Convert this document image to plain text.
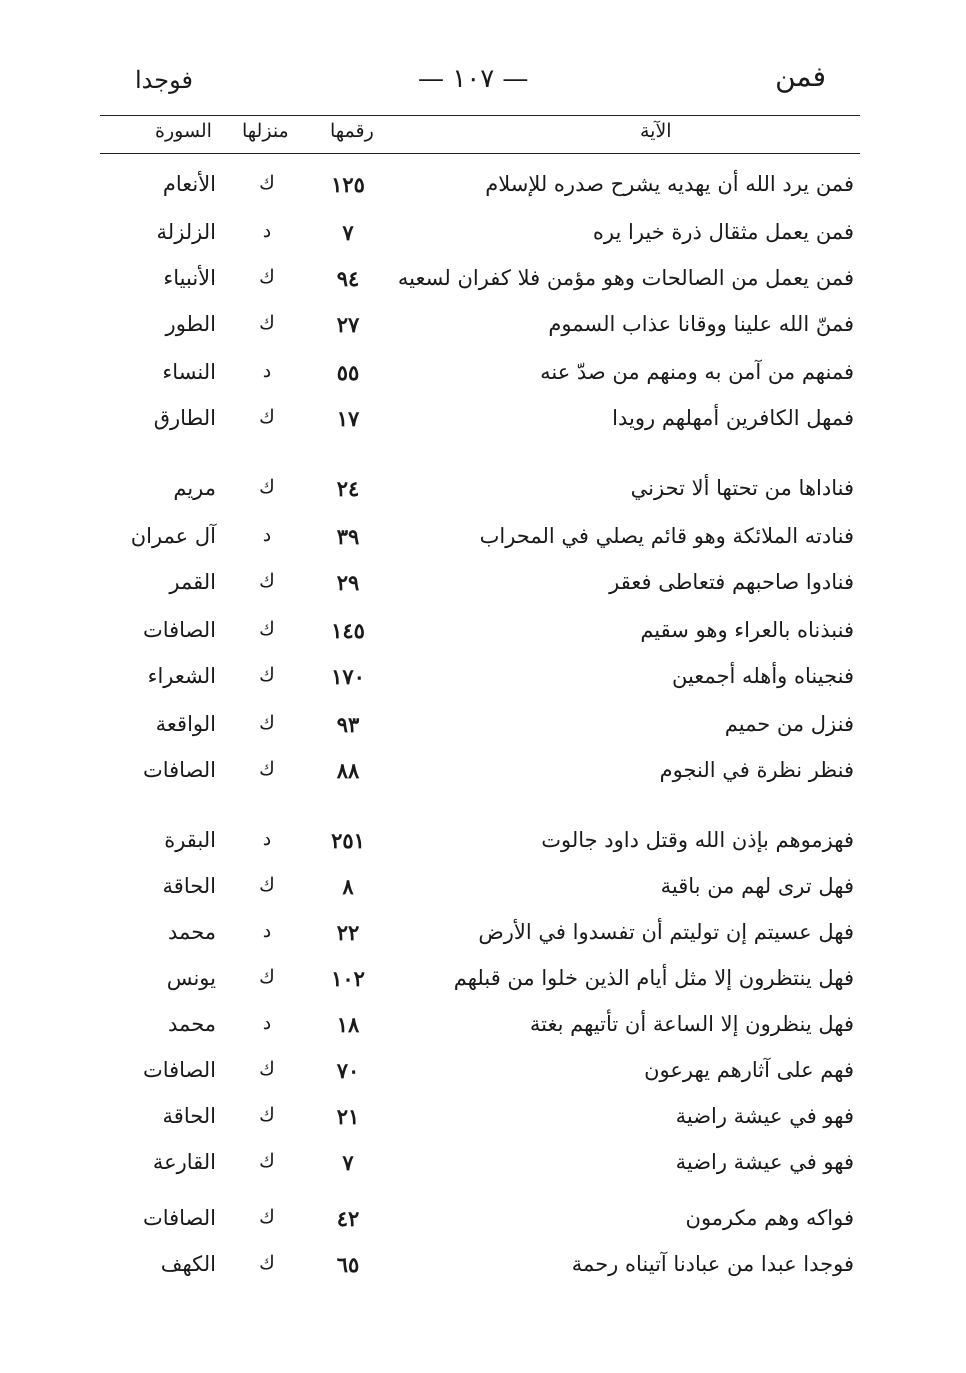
فمن
— ١٠٧ —
فوجدا
الآية
رقمها
منزلها
السورة
فمن يرد الله أن يهديه يشرح صدره للإسلام
١٢٥
ك
الأنعام
فمن يعمل مثقال ذرة خيرا يره
٧
د
الزلزلة
فمن يعمل من الصالحات وهو مؤمن فلا كفران لسعيه
٩٤
ك
الأنبياء
فمنّ الله علينا ووقانا عذاب السموم
٢٧
ك
الطور
فمنهم من آمن به ومنهم من صدّ عنه
٥٥
د
النساء
فمهل الكافرين أمهلهم رويدا
١٧
ك
الطارق
فناداها من تحتها ألا تحزني
٢٤
ك
مريم
فنادته الملائكة وهو قائم يصلي في المحراب
٣٩
د
آل عمران
فنادوا صاحبهم فتعاطى فعقر
٢٩
ك
القمر
فنبذناه بالعراء وهو سقيم
١٤٥
ك
الصافات
فنجيناه وأهله أجمعين
١٧٠
ك
الشعراء
فنزل من حميم
٩٣
ك
الواقعة
فنظر نظرة في النجوم
٨٨
ك
الصافات
فهزموهم بإذن الله وقتل داود جالوت
٢٥١
د
البقرة
فهل ترى لهم من باقية
٨
ك
الحاقة
فهل عسيتم إن توليتم أن تفسدوا في الأرض
٢٢
د
محمد
فهل ينتظرون إلا مثل أيام الذين خلوا من قبلهم
١٠٢
ك
يونس
فهل ينظرون إلا الساعة أن تأتيهم بغتة
١٨
د
محمد
فهم على آثارهم يهرعون
٧٠
ك
الصافات
فهو في عيشة راضية
٢١
ك
الحاقة
فهو في عيشة راضية
٧
ك
القارعة
فواكه وهم مكرمون
٤٢
ك
الصافات
فوجدا عبدا من عبادنا آتيناه رحمة
٦٥
ك
الكهف
